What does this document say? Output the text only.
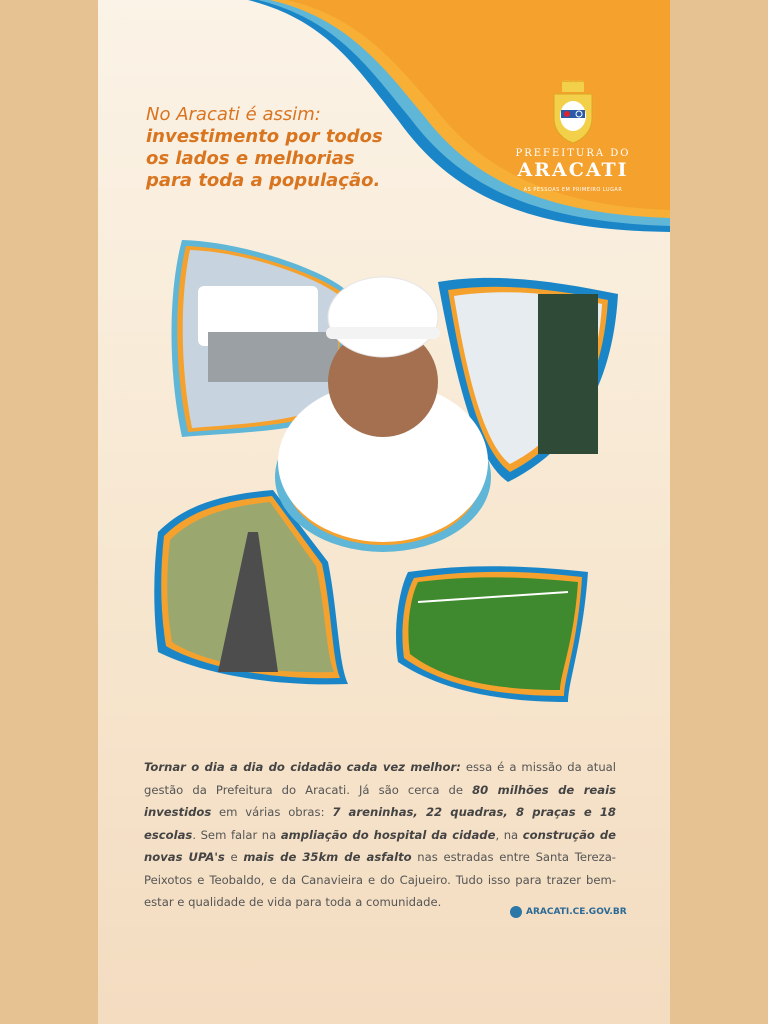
No Aracati é assim:
investimento por todos
os lados e melhorias
para toda a população.
PREFEITURA DO
ARACATI
AS PESSOAS EM PRIMEIRO LUGAR
Tornar o dia a dia do cidadão cada vez melhor: essa é a missão da atual gestão da Prefeitura do Aracati. Já são cerca de 80 milhões de reais investidos em várias obras: 7 areninhas, 22 quadras, 8 praças e 18 escolas. Sem falar na ampliação do hospital da cidade, na construção de novas UPA's e mais de 35km de asfalto nas estradas entre Santa Tereza-Peixotos e Teobaldo, e da Canavieira e do Cajueiro. Tudo isso para trazer bem-estar e qualidade de vida para toda a comunidade.
ARACATI.CE.GOV.BR
